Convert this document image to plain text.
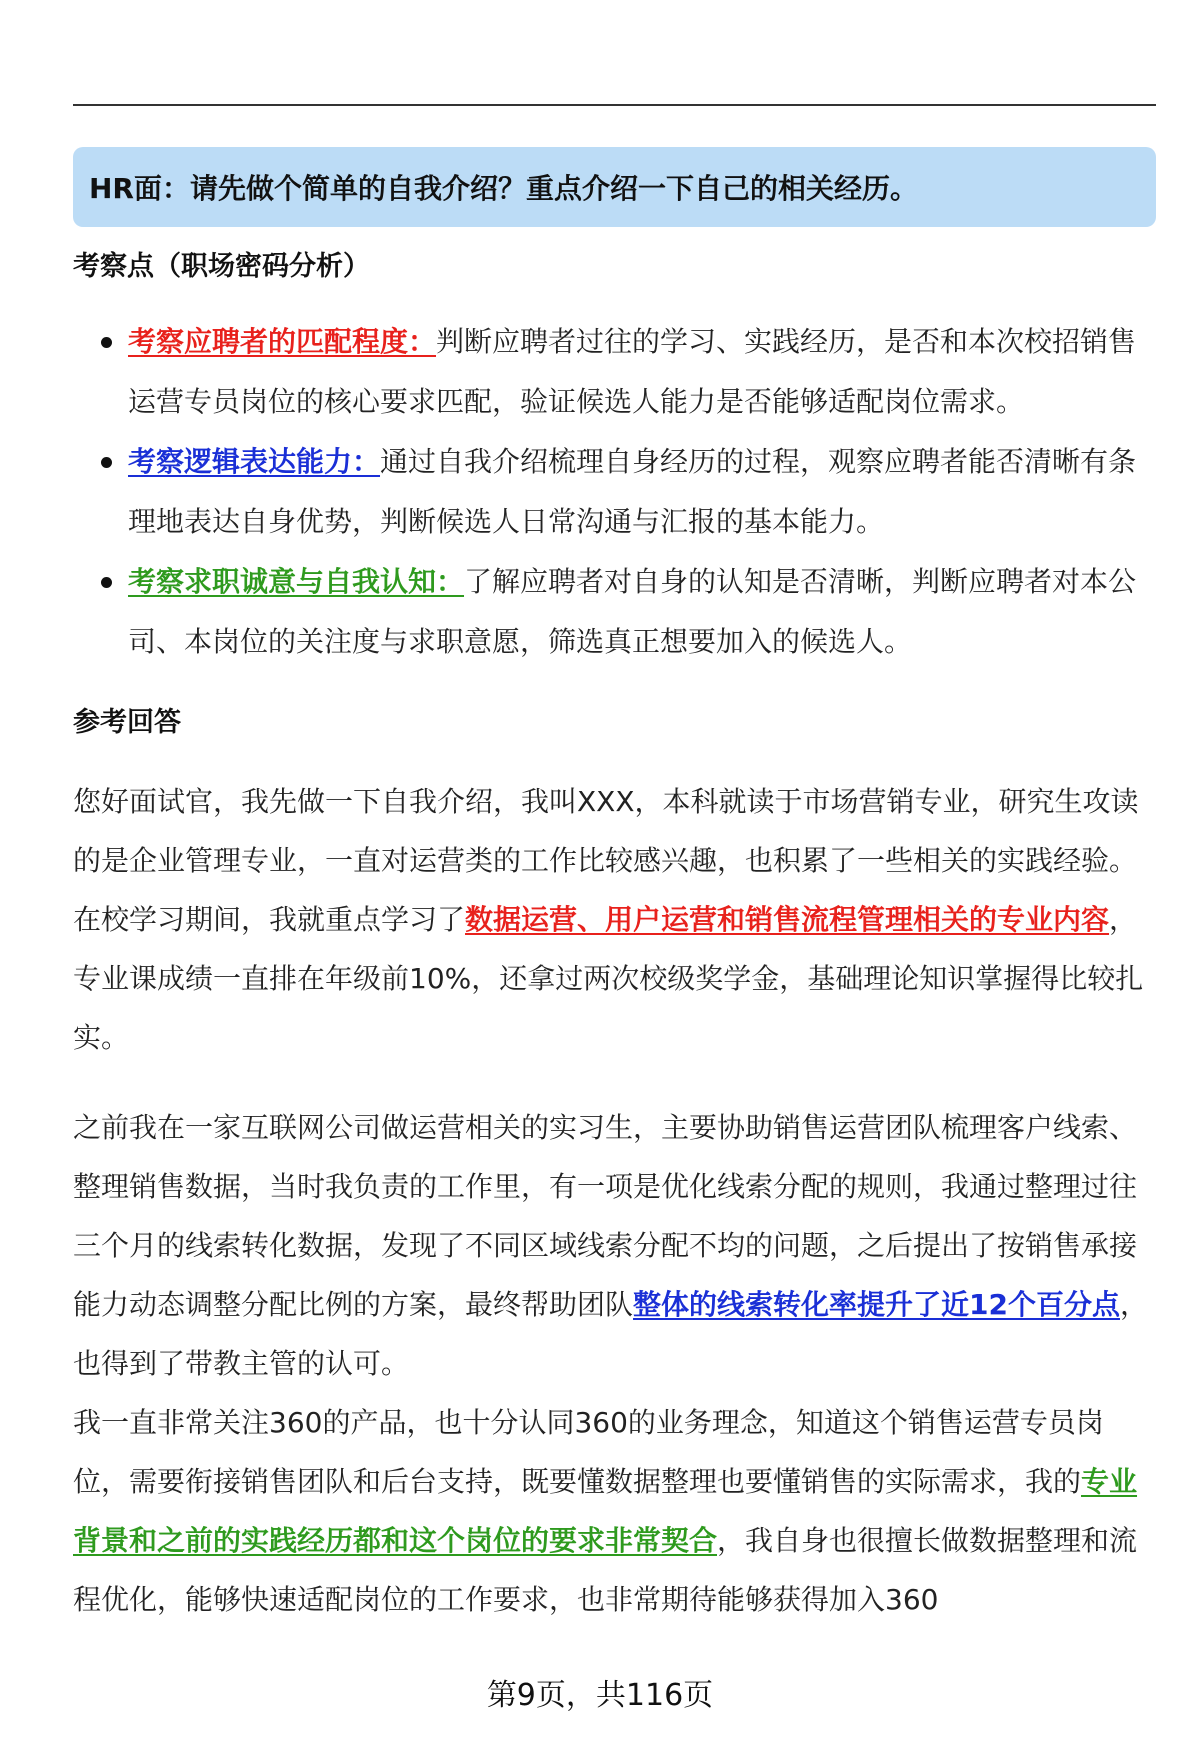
HR面：请先做个简单的自我介绍？重点介绍一下自己的相关经历。
考察点（职场密码分析）
考察应聘者的匹配程度：判断应聘者过往的学习、实践经历，是否和本次校招销售运营专员岗位的核心要求匹配，验证候选人能力是否能够适配岗位需求。
考察逻辑表达能力：通过自我介绍梳理自身经历的过程，观察应聘者能否清晰有条理地表达自身优势，判断候选人日常沟通与汇报的基本能力。
考察求职诚意与自我认知：了解应聘者对自身的认知是否清晰，判断应聘者对本公司、本岗位的关注度与求职意愿，筛选真正想要加入的候选人。
参考回答

您好面试官，我先做一下自我介绍，我叫XXX，本科就读于市场营销专业，研究生攻读的是企业管理专业，一直对运营类的工作比较感兴趣，也积累了一些相关的实践经验。在校学习期间，我就重点学习了数据运营、用户运营和销售流程管理相关的专业内容，专业课成绩一直排在年级前10%，还拿过两次校级奖学金，基础理论知识掌握得比较扎实。

之前我在一家互联网公司做运营相关的实习生，主要协助销售运营团队梳理客户线索、整理销售数据，当时我负责的工作里，有一项是优化线索分配的规则，我通过整理过往三个月的线索转化数据，发现了不同区域线索分配不均的问题，之后提出了按销售承接能力动态调整分配比例的方案，最终帮助团队整体的线索转化率提升了近12个百分点，也得到了带教主管的认可。

我一直非常关注360的产品，也十分认同360的业务理念，知道这个销售运营专员岗位，需要衔接销售团队和后台支持，既要懂数据整理也要懂销售的实际需求，我的专业背景和之前的实践经历都和这个岗位的要求非常契合，我自身也很擅长做数据整理和流程优化，能够快速适配岗位的工作要求，也非常期待能够获得加入360

第9页，共116页
